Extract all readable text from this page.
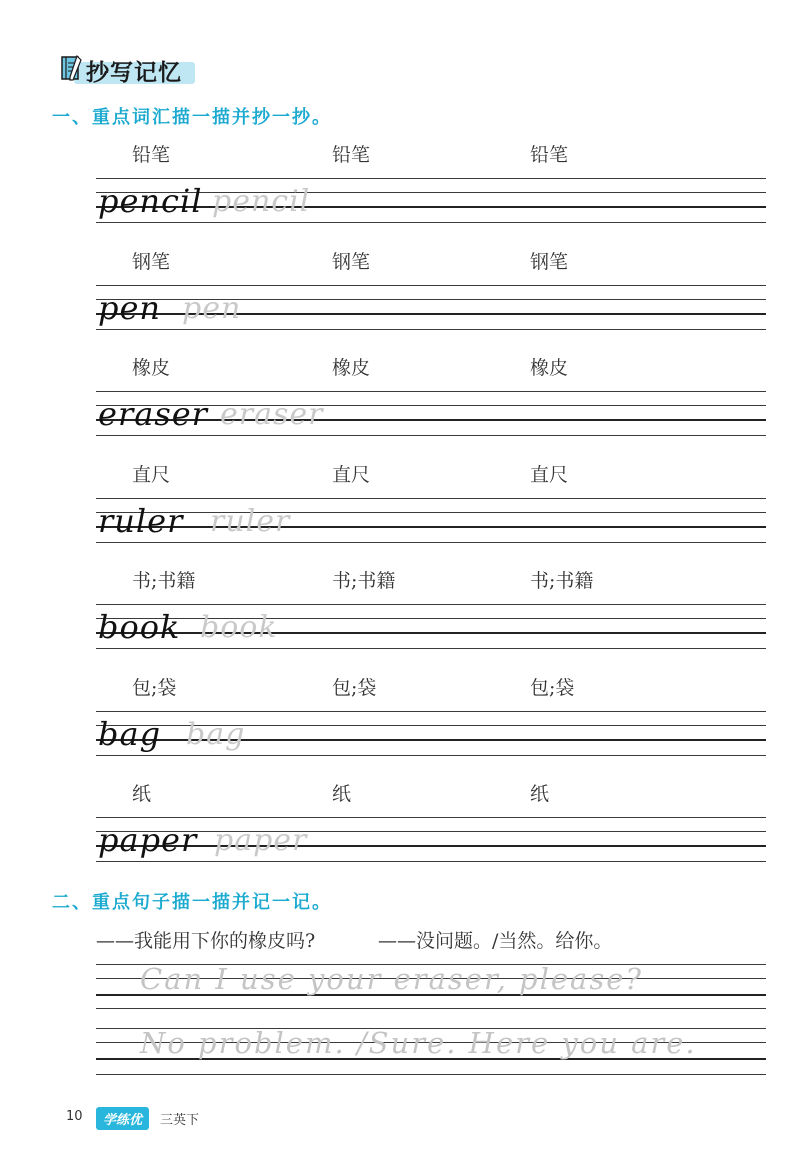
抄写记忆
一、重点词汇描一描并抄一抄。
铅笔	铅笔	铅笔
pencil pencil
钢笔	钢笔	钢笔
pen pen
橡皮	橡皮	橡皮
eraser eraser
直尺	直尺	直尺
ruler ruler
书;书籍	书;书籍	书;书籍
book book
包;袋	包;袋	包;袋
bag bag
纸	纸	纸
paper paper
二、重点句子描一描并记一记。
——我能用下你的橡皮吗?	——没问题。/当然。给你。
Can I use your eraser, please?
No problem. /Sure. Here you are.
10	学练优	三英下
